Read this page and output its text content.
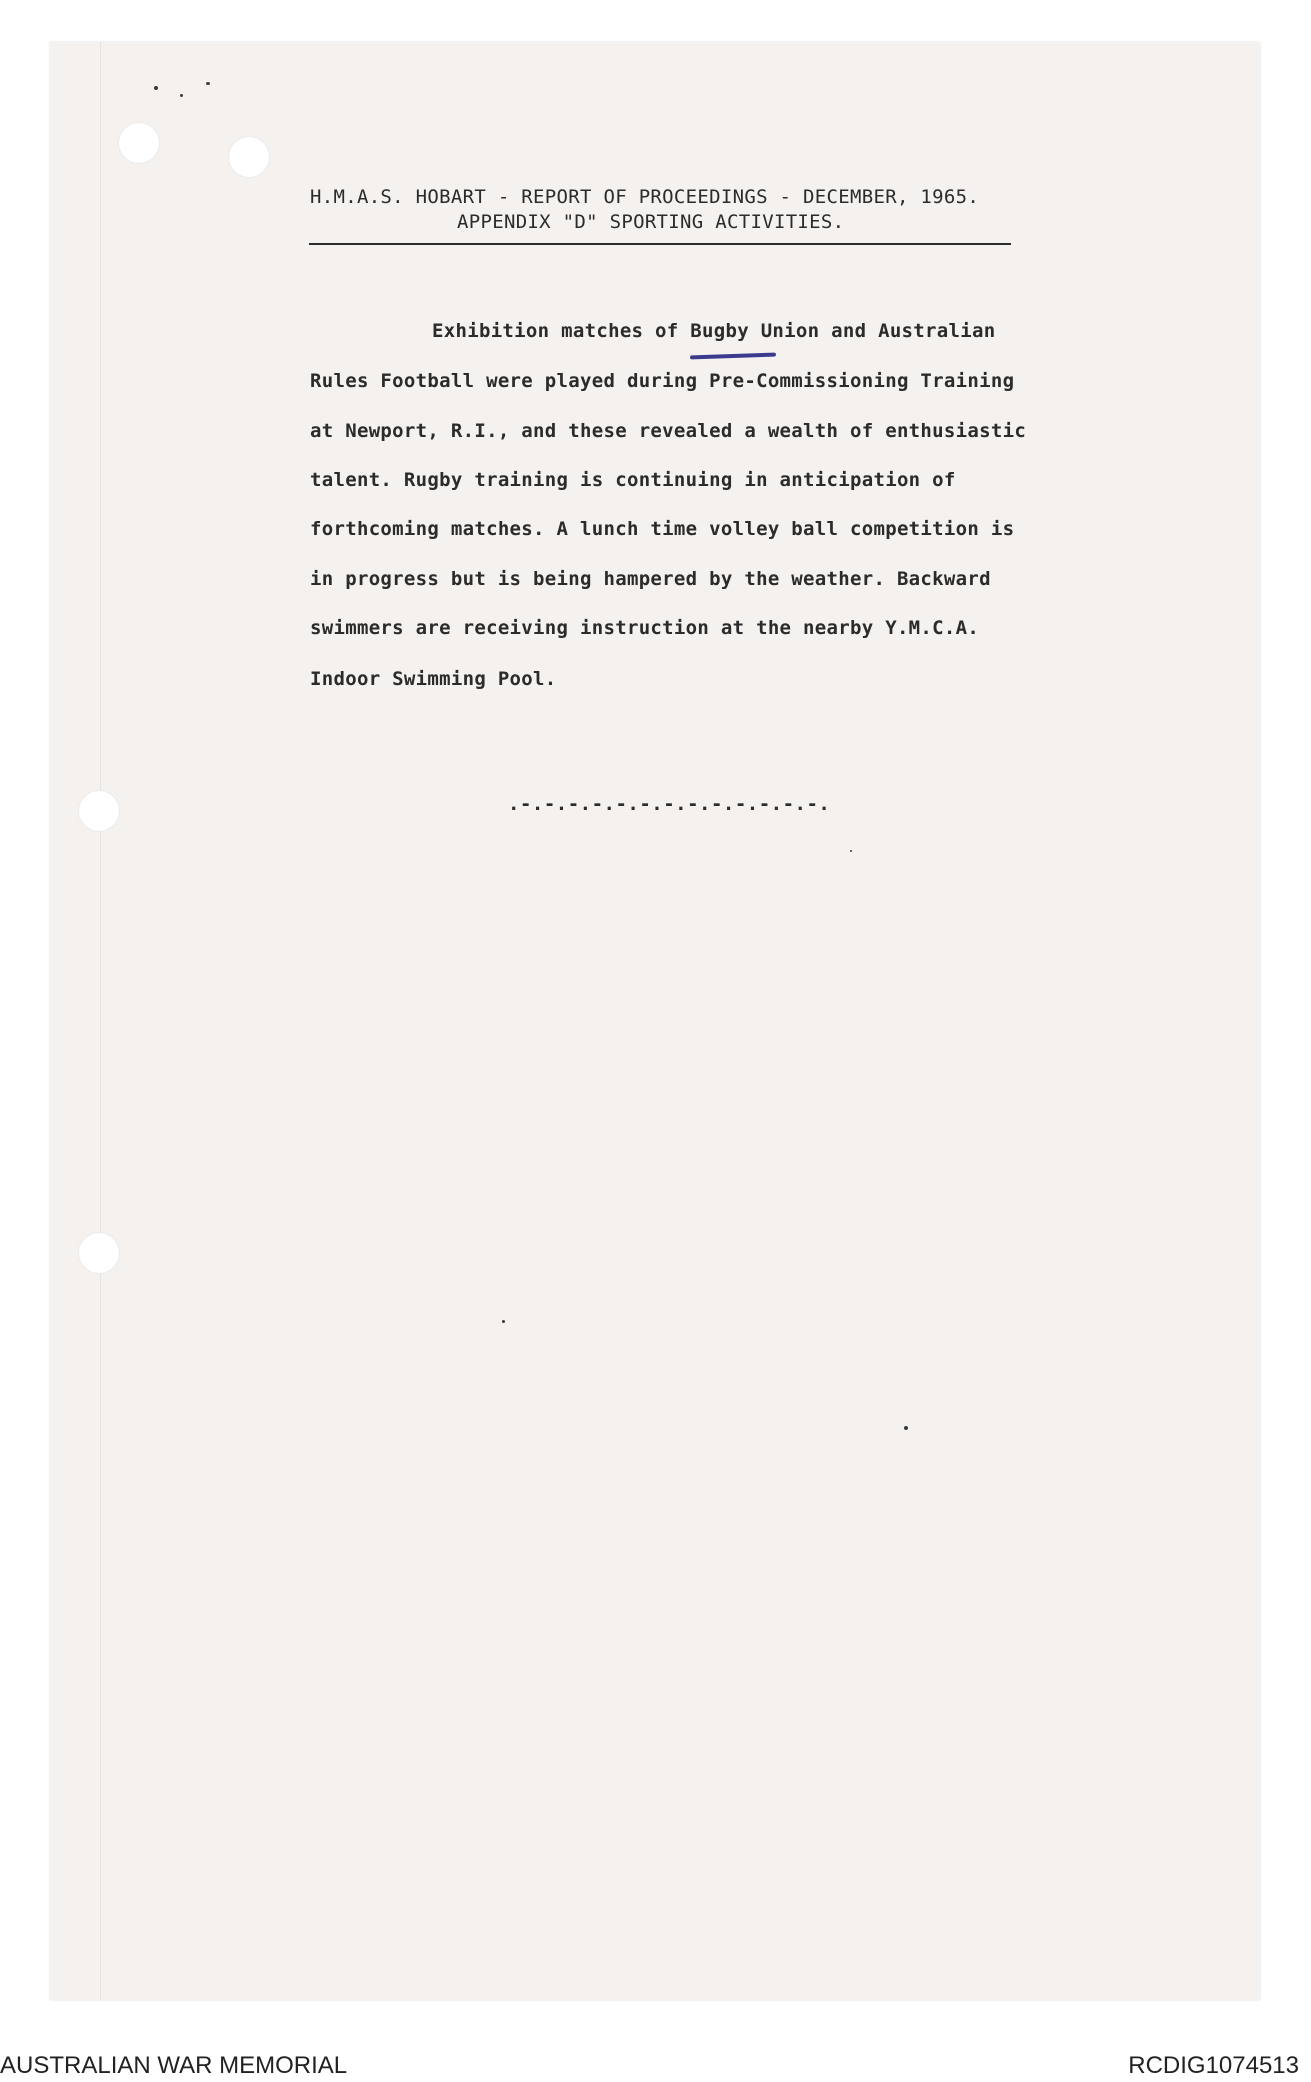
H.M.A.S. HOBART - REPORT OF PROCEEDINGS - DECEMBER, 1965.
APPENDIX "D" SPORTING ACTIVITIES.
Exhibition matches of Bugby Union and Australian
Rules Football were played during Pre-Commissioning Training
at Newport, R.I., and these revealed a wealth of enthusiastic
talent. Rugby training is continuing in anticipation of
forthcoming matches. A lunch time volley ball competition is
in progress but is being hampered by the weather. Backward
swimmers are receiving instruction at the nearby Y.M.C.A.
Indoor Swimming Pool.
.-.-.-.-.-.-.-.-.-.-.-.-.-.
AUSTRALIAN WAR MEMORIAL	RCDIG1074513
